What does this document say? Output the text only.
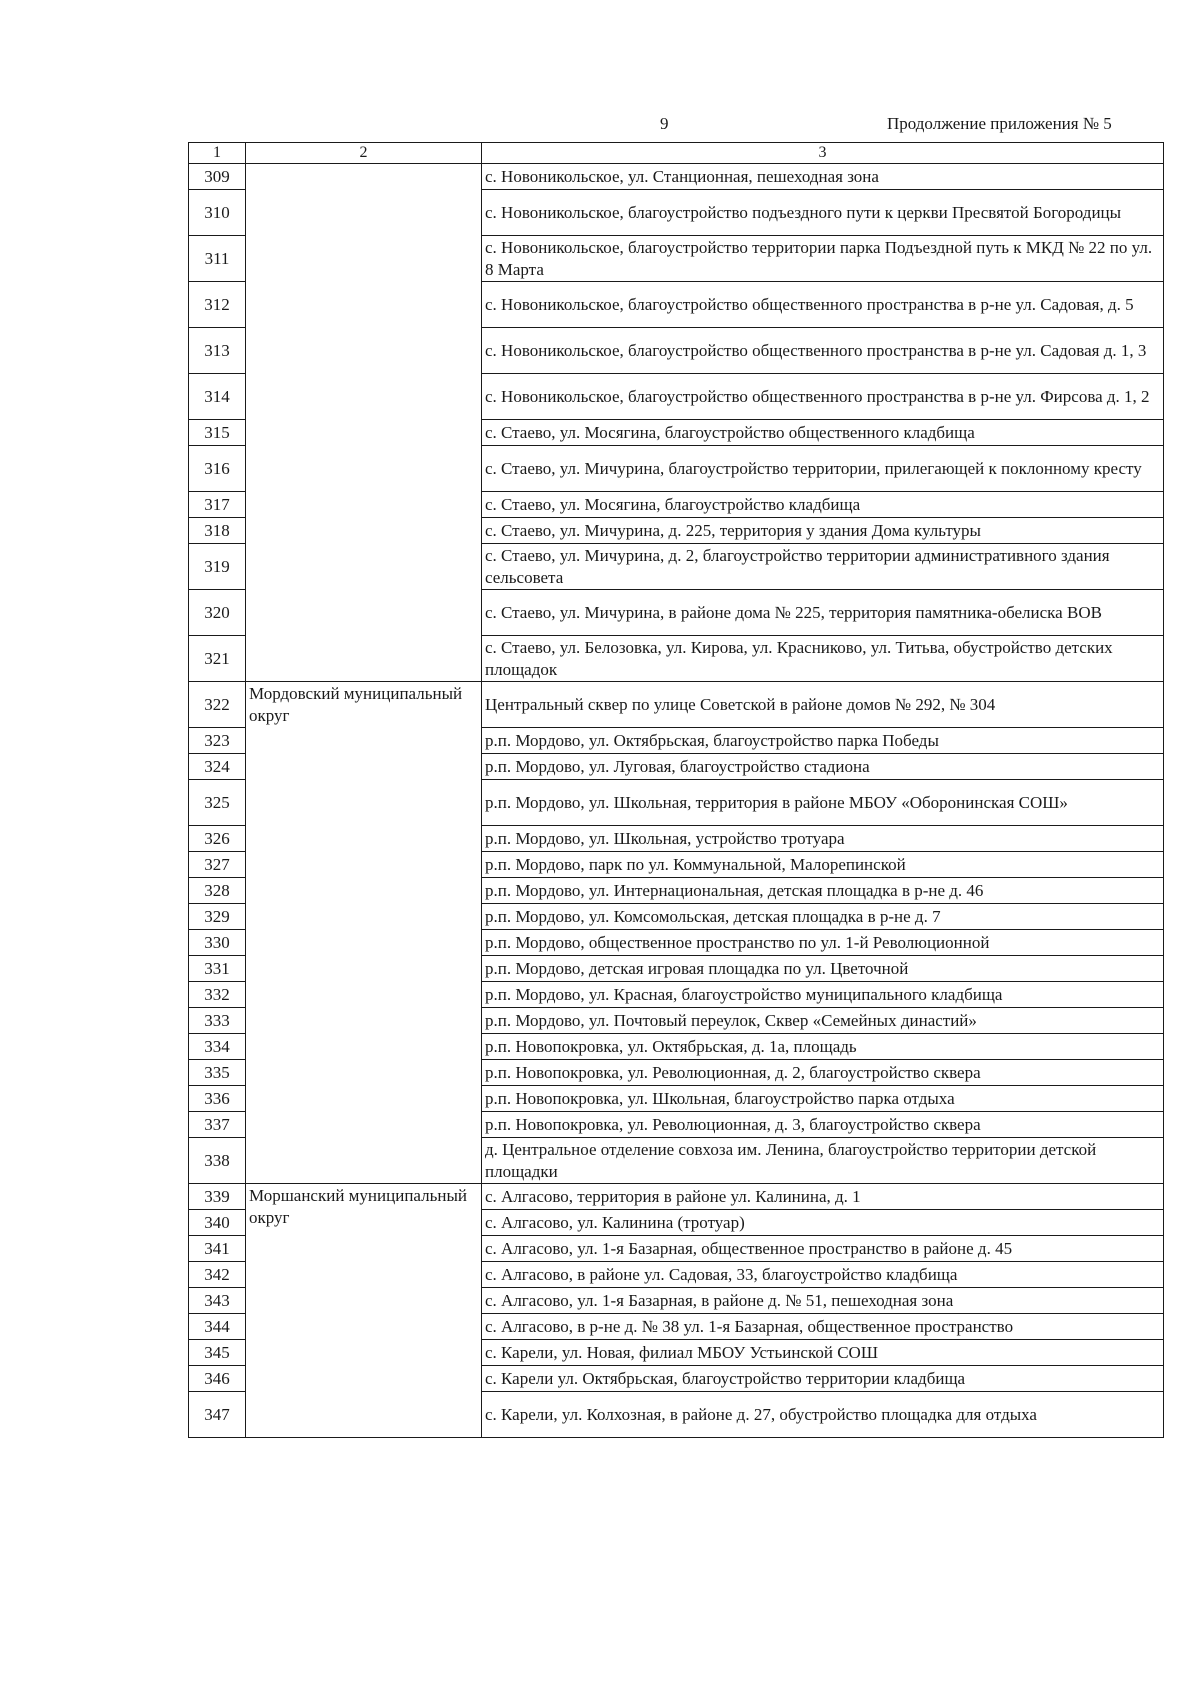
9	Продолжение приложения № 5
1	2	3
309		с. Новоникольское, ул. Станционная, пешеходная зона
310		с. Новоникольское, благоустройство подъездного пути к церкви Пресвятой Богородицы
311		с. Новоникольское, благоустройство территории парка Подъездной путь к МКД № 22 по ул. 8 Марта
312		с. Новоникольское, благоустройство общественного пространства в р-не ул. Садовая, д. 5
313		с. Новоникольское, благоустройство общественного пространства в р-не ул. Садовая д. 1, 3
314		с. Новоникольское, благоустройство общественного пространства в р-не ул. Фирсова д. 1, 2
315		с. Стаево, ул. Мосягина, благоустройство общественного кладбища
316		с. Стаево, ул. Мичурина, благоустройство территории, прилегающей к поклонному кресту
317		с. Стаево, ул. Мосягина, благоустройство кладбища
318		с. Стаево, ул. Мичурина, д. 225, территория у здания Дома культуры
319		с. Стаево, ул. Мичурина, д. 2, благоустройство территории административного здания сельсовета
320		с. Стаево, ул. Мичурина, в районе дома № 225, территория памятника-обелиска ВОВ
321		с. Стаево, ул. Белозовка, ул. Кирова, ул. Красниково, ул. Титьва, обустройство детских площадок
322	Мордовский муниципальный округ	Центральный сквер по улице Советской в районе домов № 292, № 304
323		р.п. Мордово, ул. Октябрьская, благоустройство парка Победы
324		р.п. Мордово, ул. Луговая, благоустройство стадиона
325		р.п. Мордово, ул. Школьная, территория в районе МБОУ «Оборонинская СОШ»
326		р.п. Мордово, ул. Школьная, устройство тротуара
327		р.п. Мордово, парк по ул. Коммунальной, Малорепинской
328		р.п. Мордово, ул. Интернациональная, детская площадка в р-не д. 46
329		р.п. Мордово, ул. Комсомольская, детская площадка в р-не д. 7
330		р.п. Мордово, общественное пространство по ул. 1-й Революционной
331		р.п. Мордово, детская игровая площадка по ул. Цветочной
332		р.п. Мордово, ул. Красная, благоустройство муниципального кладбища
333		р.п. Мордово, ул. Почтовый переулок, Сквер «Семейных династий»
334		р.п. Новопокровка, ул. Октябрьская, д. 1а, площадь
335		р.п. Новопокровка, ул. Революционная, д. 2, благоустройство сквера
336		р.п. Новопокровка, ул. Школьная, благоустройство парка отдыха
337		р.п. Новопокровка, ул. Революционная, д. 3, благоустройство сквера
338		д. Центральное отделение совхоза им. Ленина, благоустройство территории детской площадки
339	Моршанский муниципальный округ	с. Алгасово, территория в районе ул. Калинина, д. 1
340		с. Алгасово, ул. Калинина (тротуар)
341		с. Алгасово, ул. 1-я Базарная, общественное пространство в районе д. 45
342		с. Алгасово, в районе ул. Садовая, 33, благоустройство кладбища
343		с. Алгасово, ул. 1-я Базарная, в районе д. № 51, пешеходная зона
344		с. Алгасово, в р-не д. № 38 ул. 1-я Базарная, общественное пространство
345		с. Карели, ул. Новая, филиал МБОУ Устьинской СОШ
346		с. Карели ул. Октябрьская, благоустройство территории кладбища
347		с. Карели, ул. Колхозная, в районе д. 27, обустройство площадка для отдыха
